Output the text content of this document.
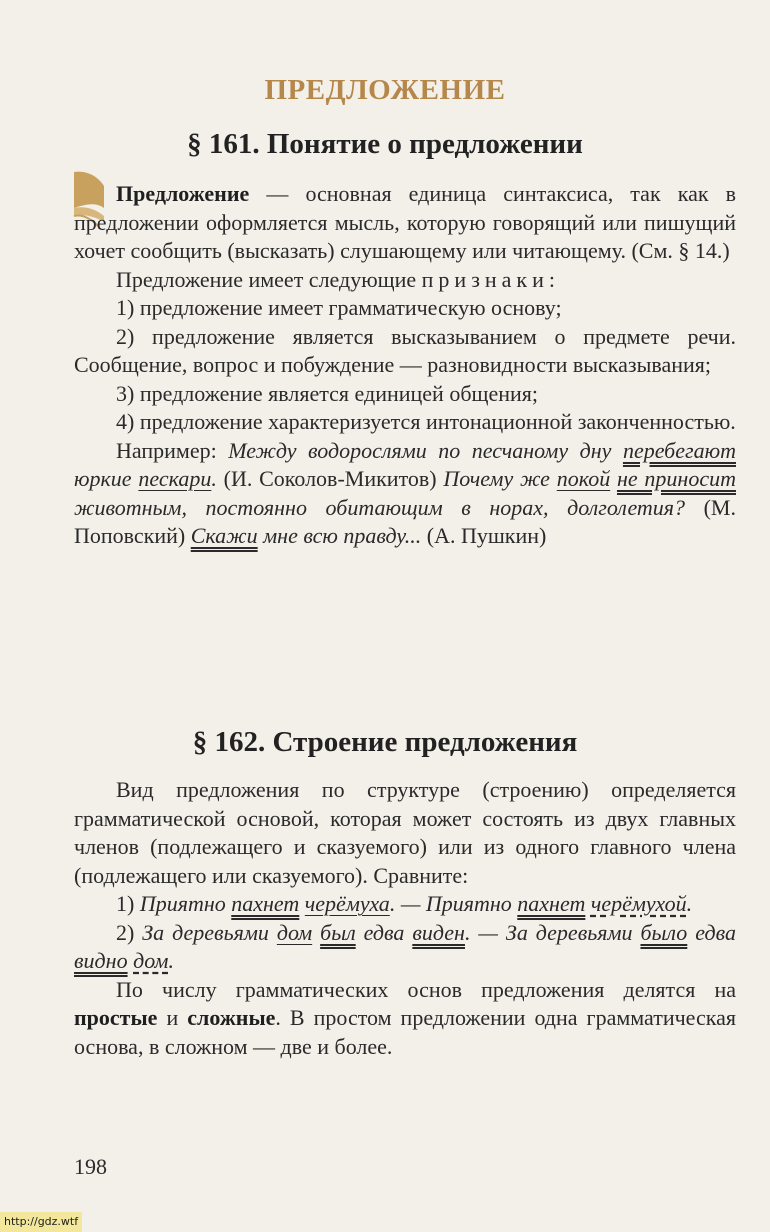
ПРЕДЛОЖЕНИЕ
§ 161. Понятие о предложении

Предложение — основная единица синтаксиса, так как в предложении оформляется мысль, которую говорящий или пишущий хочет сообщить (высказать) слушающему или читающему. (См. § 14.)

Предложение имеет следующие признаки:

1) предложение имеет грамматическую основу;

2) предложение является высказыванием о предмете речи. Сообщение, вопрос и побуждение — разновидности высказывания;

3) предложение является единицей общения;

4) предложение характеризуется интонационной законченностью.

Например: Между водорослями по песчаному дну перебегают юркие пескари. (И. Соколов-Микитов) Почему же покой не приносит животным, постоянно обитающим в норах, долголетия? (М. Поповский) Скажи мне всю правду... (А. Пушкин)

§ 162. Строение предложения

Вид предложения по структуре (строению) определяется грамматической основой, которая может состоять из двух главных членов (подлежащего и сказуемого) или из одного главного члена (подлежащего или сказуемого). Сравните:

1) Приятно пахнет черёмуха. — Приятно пахнет черёмухой.

2) За деревьями дом был едва виден. — За деревьями было едва видно дом.

По числу грамматических основ предложения делятся на простые и сложные. В простом предложении одна грамматическая основа, в сложном — две и более.

198
http://gdz.wtf
